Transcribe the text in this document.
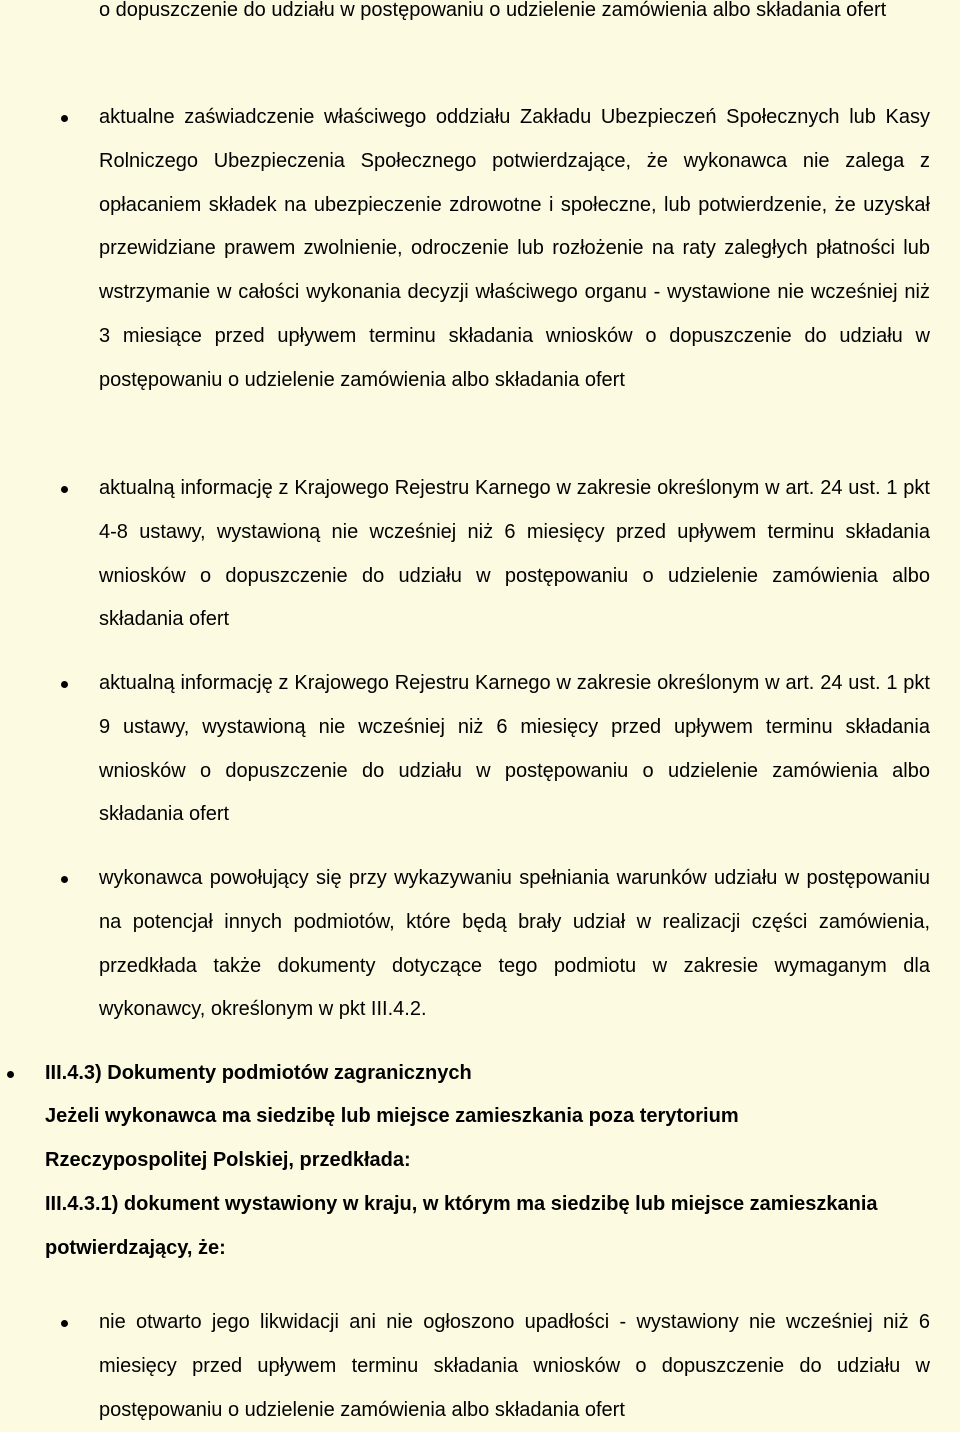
o dopuszczenie do udziału w postępowaniu o udzielenie zamówienia albo składania ofert

aktualne zaświadczenie właściwego oddziału Zakładu Ubezpieczeń Społecznych lub Kasy Rolniczego Ubezpieczenia Społecznego potwierdzające, że wykonawca nie zalega z opłacaniem składek na ubezpieczenie zdrowotne i społeczne, lub potwierdzenie, że uzyskał przewidziane prawem zwolnienie, odroczenie lub rozłożenie na raty zaległych płatności lub wstrzymanie w całości wykonania decyzji właściwego organu - wystawione nie wcześniej niż 3 miesiące przed upływem terminu składania wniosków o dopuszczenie do udziału w postępowaniu o udzielenie zamówienia albo składania ofert

aktualną informację z Krajowego Rejestru Karnego w zakresie określonym w art. 24 ust. 1 pkt 4-8 ustawy, wystawioną nie wcześniej niż 6 miesięcy przed upływem terminu składania wniosków o dopuszczenie do udziału w postępowaniu o udzielenie zamówienia albo składania ofert

aktualną informację z Krajowego Rejestru Karnego w zakresie określonym w art. 24 ust. 1 pkt 9 ustawy, wystawioną nie wcześniej niż 6 miesięcy przed upływem terminu składania wniosków o dopuszczenie do udziału w postępowaniu o udzielenie zamówienia albo składania ofert

wykonawca powołujący się przy wykazywaniu spełniania warunków udziału w postępowaniu na potencjał innych podmiotów, które będą brały udział w realizacji części zamówienia, przedkłada także dokumenty dotyczące tego podmiotu w zakresie wymaganym dla wykonawcy, określonym w pkt III.4.2.

III.4.3) Dokumenty podmiotów zagranicznych

Jeżeli wykonawca ma siedzibę lub miejsce zamieszkania poza terytorium Rzeczypospolitej Polskiej, przedkłada:

III.4.3.1) dokument wystawiony w kraju, w którym ma siedzibę lub miejsce zamieszkania potwierdzający, że:

nie otwarto jego likwidacji ani nie ogłoszono upadłości - wystawiony nie wcześniej niż 6 miesięcy przed upływem terminu składania wniosków o dopuszczenie do udziału w postępowaniu o udzielenie zamówienia albo składania ofert
